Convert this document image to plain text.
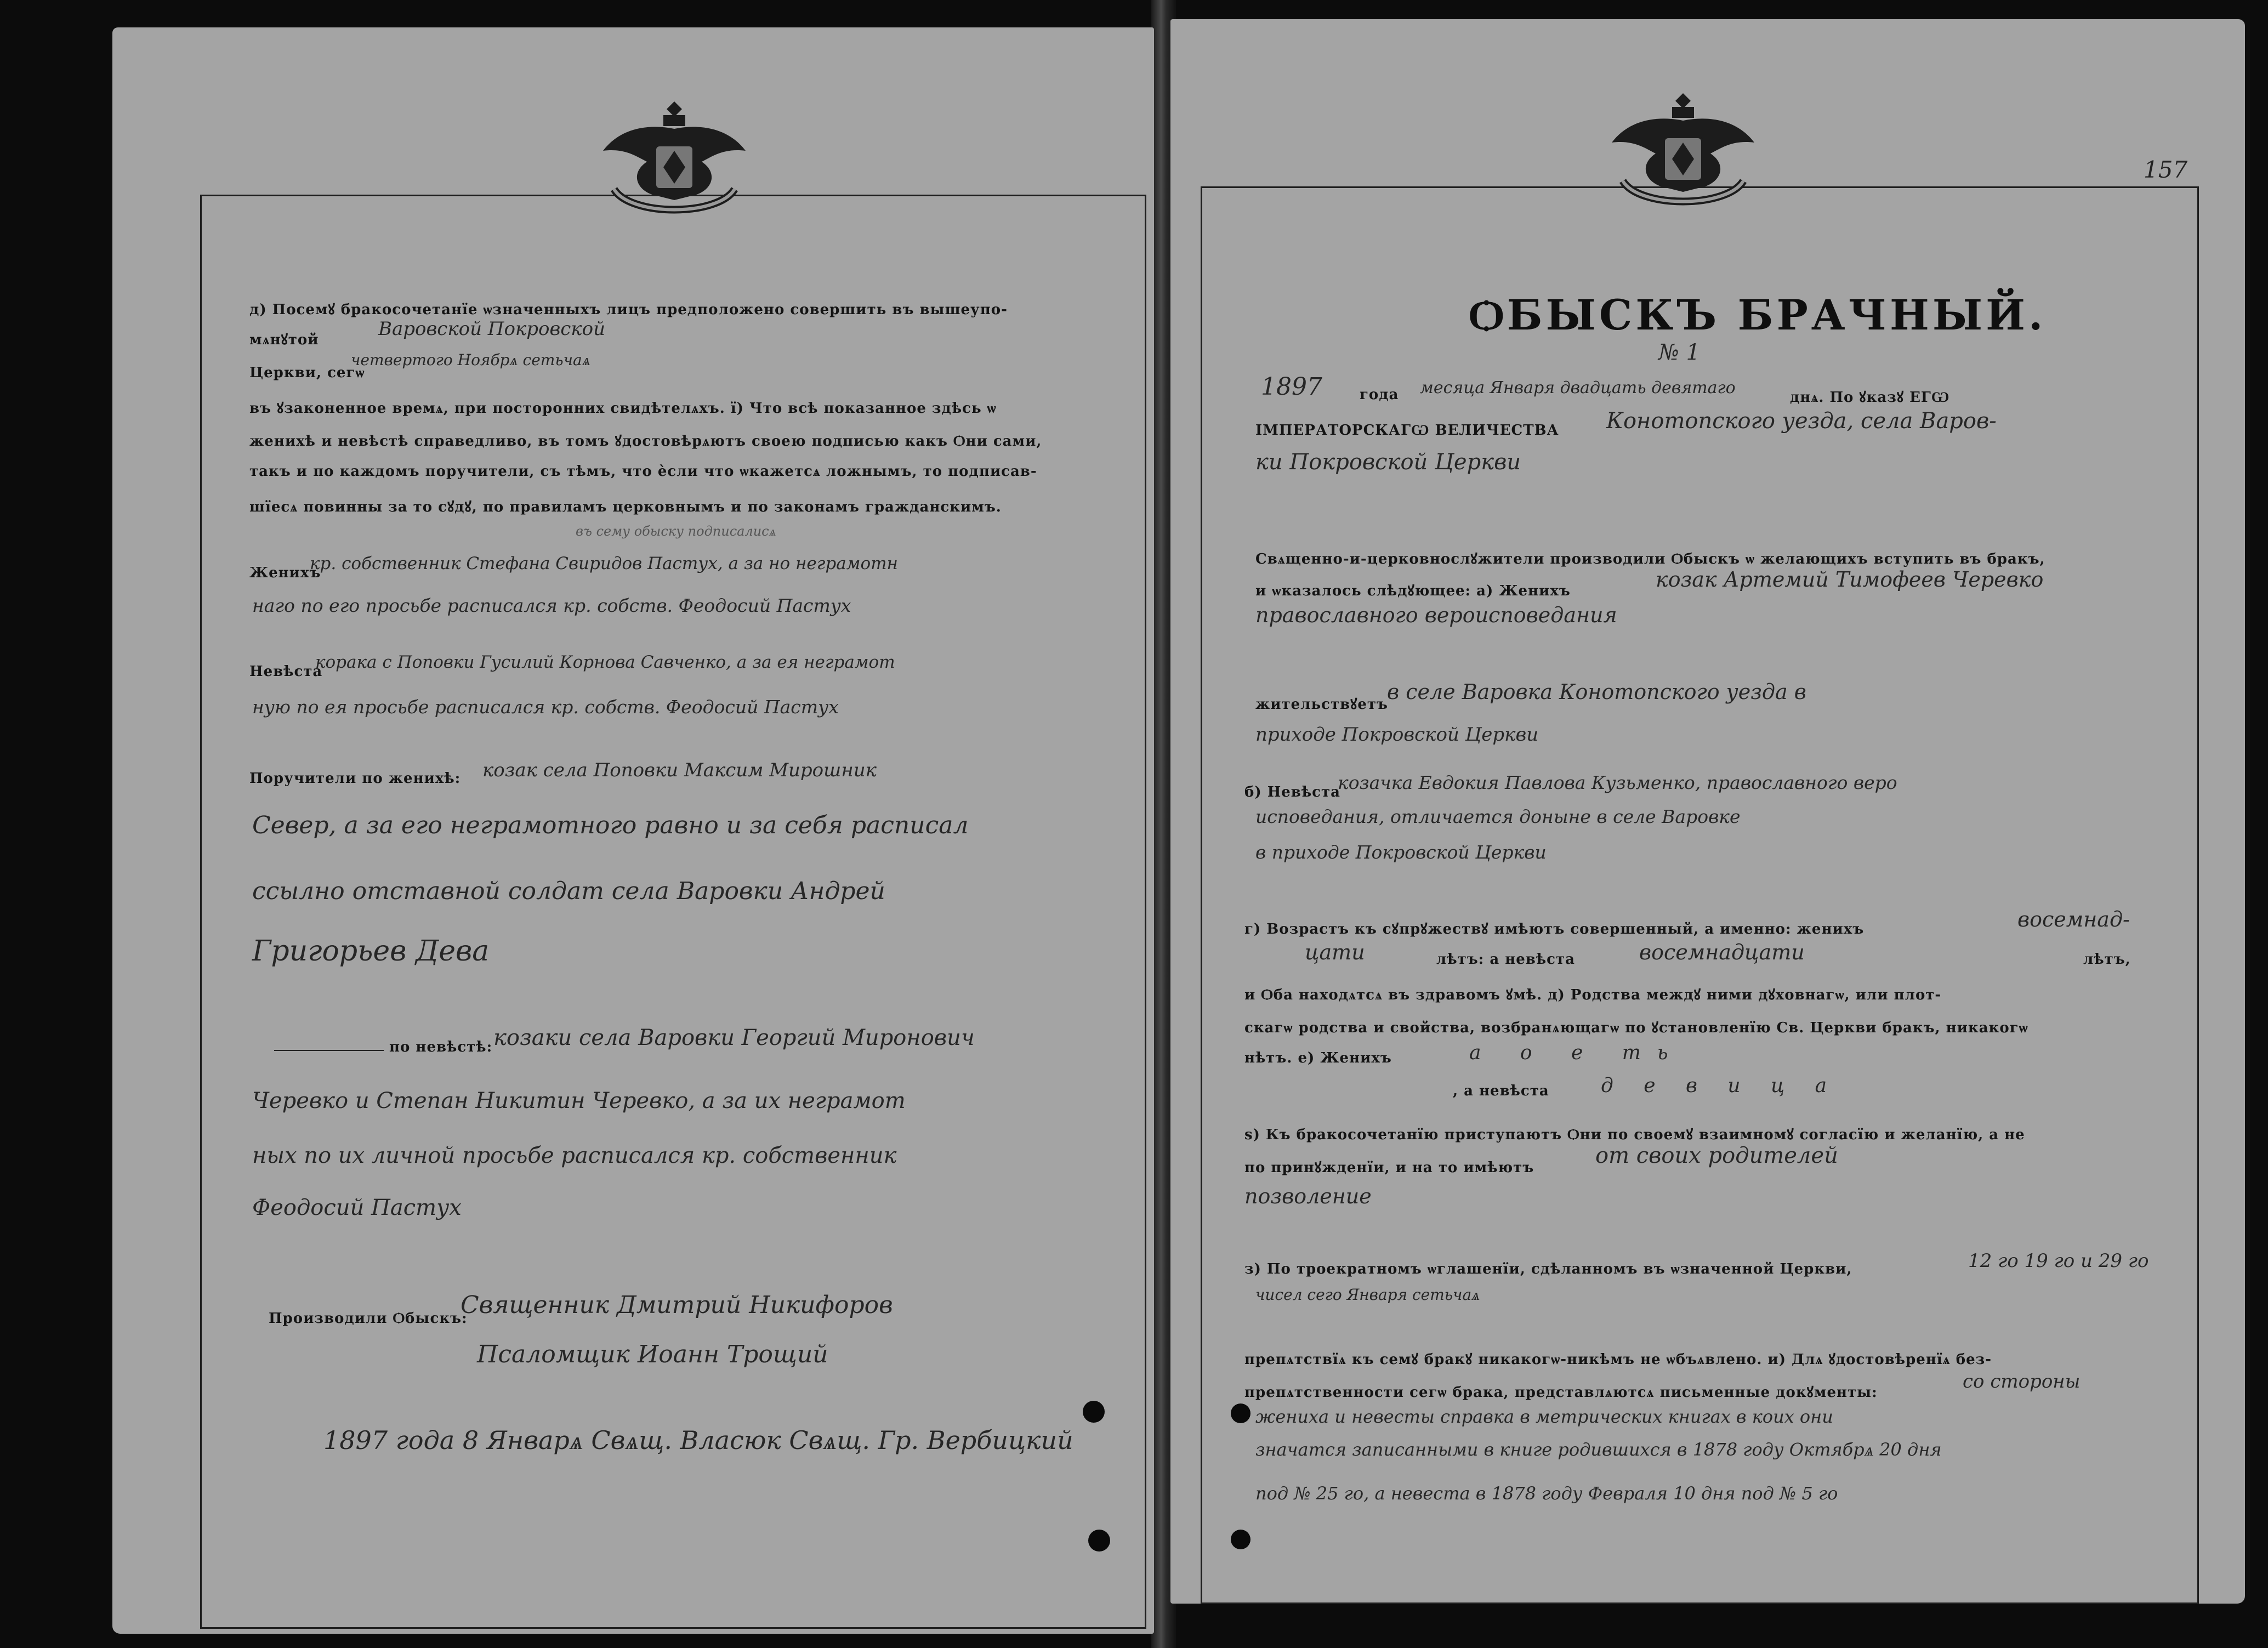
д) Посемꙋ бракосочетанїе ѡзначенныхъ лицъ предположено совершить въ вышеупо-
мѧнꙋтой	Варовской Покровской
Церкви, сегѡ
четвертого Ноябрѧ сетьчаѧ
въ ꙋзаконенное времѧ, при посторонних свидѣтелѧхъ. ї) Что всѣ показанное здѣсь ѡ
женихѣ и невѣстѣ справедливо, въ томъ ꙋдостовѣрѧютъ своею подписью какъ Ѻни сами,
такъ и по каждомъ поручители, съ тѣмъ, что ѐсли что ѡкажетсѧ ложнымъ, то подписав-
шїесѧ повинны за то сꙋдꙋ, по правиламъ церковнымъ и по законамъ гражданскимъ.
въ сему обыску подписалисѧ
Женихъ
кр. собственник Стефана Свиридов Пастух, а за но неграмотн
наго по его просьбе расписался кр. собств. Феодосий Пастух
Невѣста
корака с Поповки Гусилий Корнова Савченко, а за ея неграмот
ную по ея просьбе расписался кр. собств. Феодосий Пастух
Поручители по женихѣ: козак села Поповки Максим Мирошник
Север, а за его неграмотного равно и за себя расписал
ссылно отставной солдат села Варовки Андрей
Григорьев Дева
по невѣстѣ: козаки села Варовки Георгий Миронович
Черевко и Степан Никитин Черевко, а за их неграмот
ных по их личной просьбе расписался кр. собственник
Феодосий Пастух
Производили Ѻбыскъ:
Священник Дмитрий Никифоров
Псаломщик Иоанн Трощий
1897 года 8 Январѧ Свѧщ. Власюк Свѧщ. Гр. Вербицкий
157
ѺБЫСКЪ БРАЧНЫЙ.
№ 1
1897	года месяца Января двадцать девятаго	днѧ. По ꙋказꙋ ЕГѠ
ІМПЕРАТОРСКАГѠ ВЕЛИЧЕСТВА Конотопского уезда, села Варов-
ки Покровской Церкви
Свѧщенно-и-церковнослꙋжители производили Ѻбыскъ ѡ желающихъ вступить въ бракъ,
и ѡказалось слѣдꙋющее: а) Женихъ	козак Артемий Тимофеев Черевко
православного вероисповедания
жительствꙋетъ
в селе Варовка Конотопского уезда в
приходе Покровской Церкви
б) Невѣста
козачка Евдокия Павлова Кузьменко, православного веро
исповедания, отличается доныне в селе Варовке
в приходе Покровской Церкви
г) Возрастъ къ сꙋпрꙋжествꙋ имѣютъ совершенный, а именно: женихъ	восемнад-
цати	лѣтъ: а невѣста	восемнадцати	лѣтъ,
и Ѻба находѧтсѧ въ здравомъ ꙋмѣ. д) Родства междꙋ ними дꙋховнагѡ, или плот-
скагѡ родства и свойства, возбранѧющагѡ по ꙋстановленїю Св. Церкви бракъ, никакогѡ
нѣтъ. е) Женихъ	а о е ть
, а невѣста	д е в и ц а
ѕ) Къ бракосочетанїю приступаютъ Ѻни по своемꙋ взаимномꙋ согласїю и желанїю, а не
по принꙋжденїи, и на то имѣютъ	от своих родителей
позволение
з) По троекратномъ ѡглашенїи, сдѣланномъ въ ѡзначенной Церкви,	12 го 19 го и 29 го
чисел сего Января сетьчаѧ
препѧтствїѧ къ семꙋ бракꙋ никакогѡ-никѣмъ не ѡбъѧвлено. и) Длѧ ꙋдостовѣренїѧ без-
препѧтственности сегѡ брака, представлѧютсѧ письменные докꙋменты:	со стороны
жениха и невесты справка в метрических книгах в коих они
значатся записанными в книге родившихся в 1878 году Октябрѧ 20 дня
под № 25 го, а невеста в 1878 году Февраля 10 дня под № 5 го
